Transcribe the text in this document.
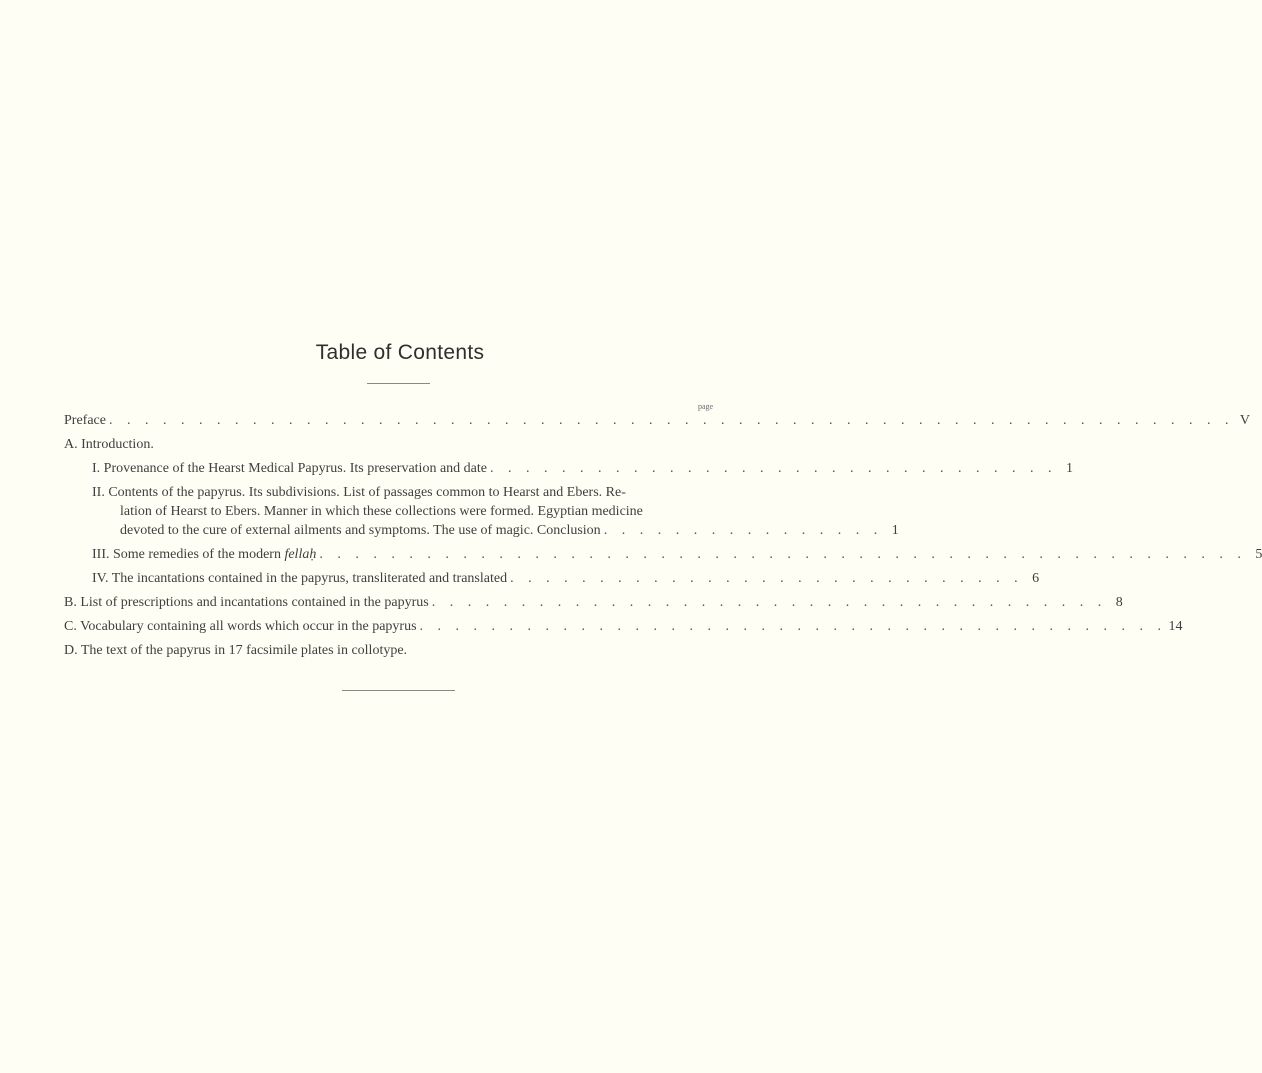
Table of Contents
page
Preface . . . . . . . . . . . . . . . . . . . . . . . . . . . . . . . . . . . . . . . . . . . . . . . . . . . . . . . . . . . . . . . V
A. Introduction.
I. Provenance of the Hearst Medical Papyrus. Its preservation and date . . . . . . . . . . . . . . . . . . . . . . . . . . . . . . . . 1
II. Contents of the papyrus. Its subdivisions. List of passages common to Hearst and Ebers. Re-
lation of Hearst to Ebers. Manner in which these collections were formed. Egyptian medicine
devoted to the cure of external ailments and symptoms. The use of magic. Conclusion . . . . . . . . . . . . . . . . 1
III. Some remedies of the modern fellaḥ . . . . . . . . . . . . . . . . . . . . . . . . . . . . . . . . . . . . . . . . . . . . . . . . . . . . 5
IV. The incantations contained in the papyrus, transliterated and translated . . . . . . . . . . . . . . . . . . . . . . . . . . . . . 6
B. List of prescriptions and incantations contained in the papyrus . . . . . . . . . . . . . . . . . . . . . . . . . . . . . . . . . . . . . . 8
C. Vocabulary containing all words which occur in the papyrus . . . . . . . . . . . . . . . . . . . . . . . . . . . . . . . . . . . . . . . . . . 14
D. The text of the papyrus in 17 facsimile plates in collotype.
